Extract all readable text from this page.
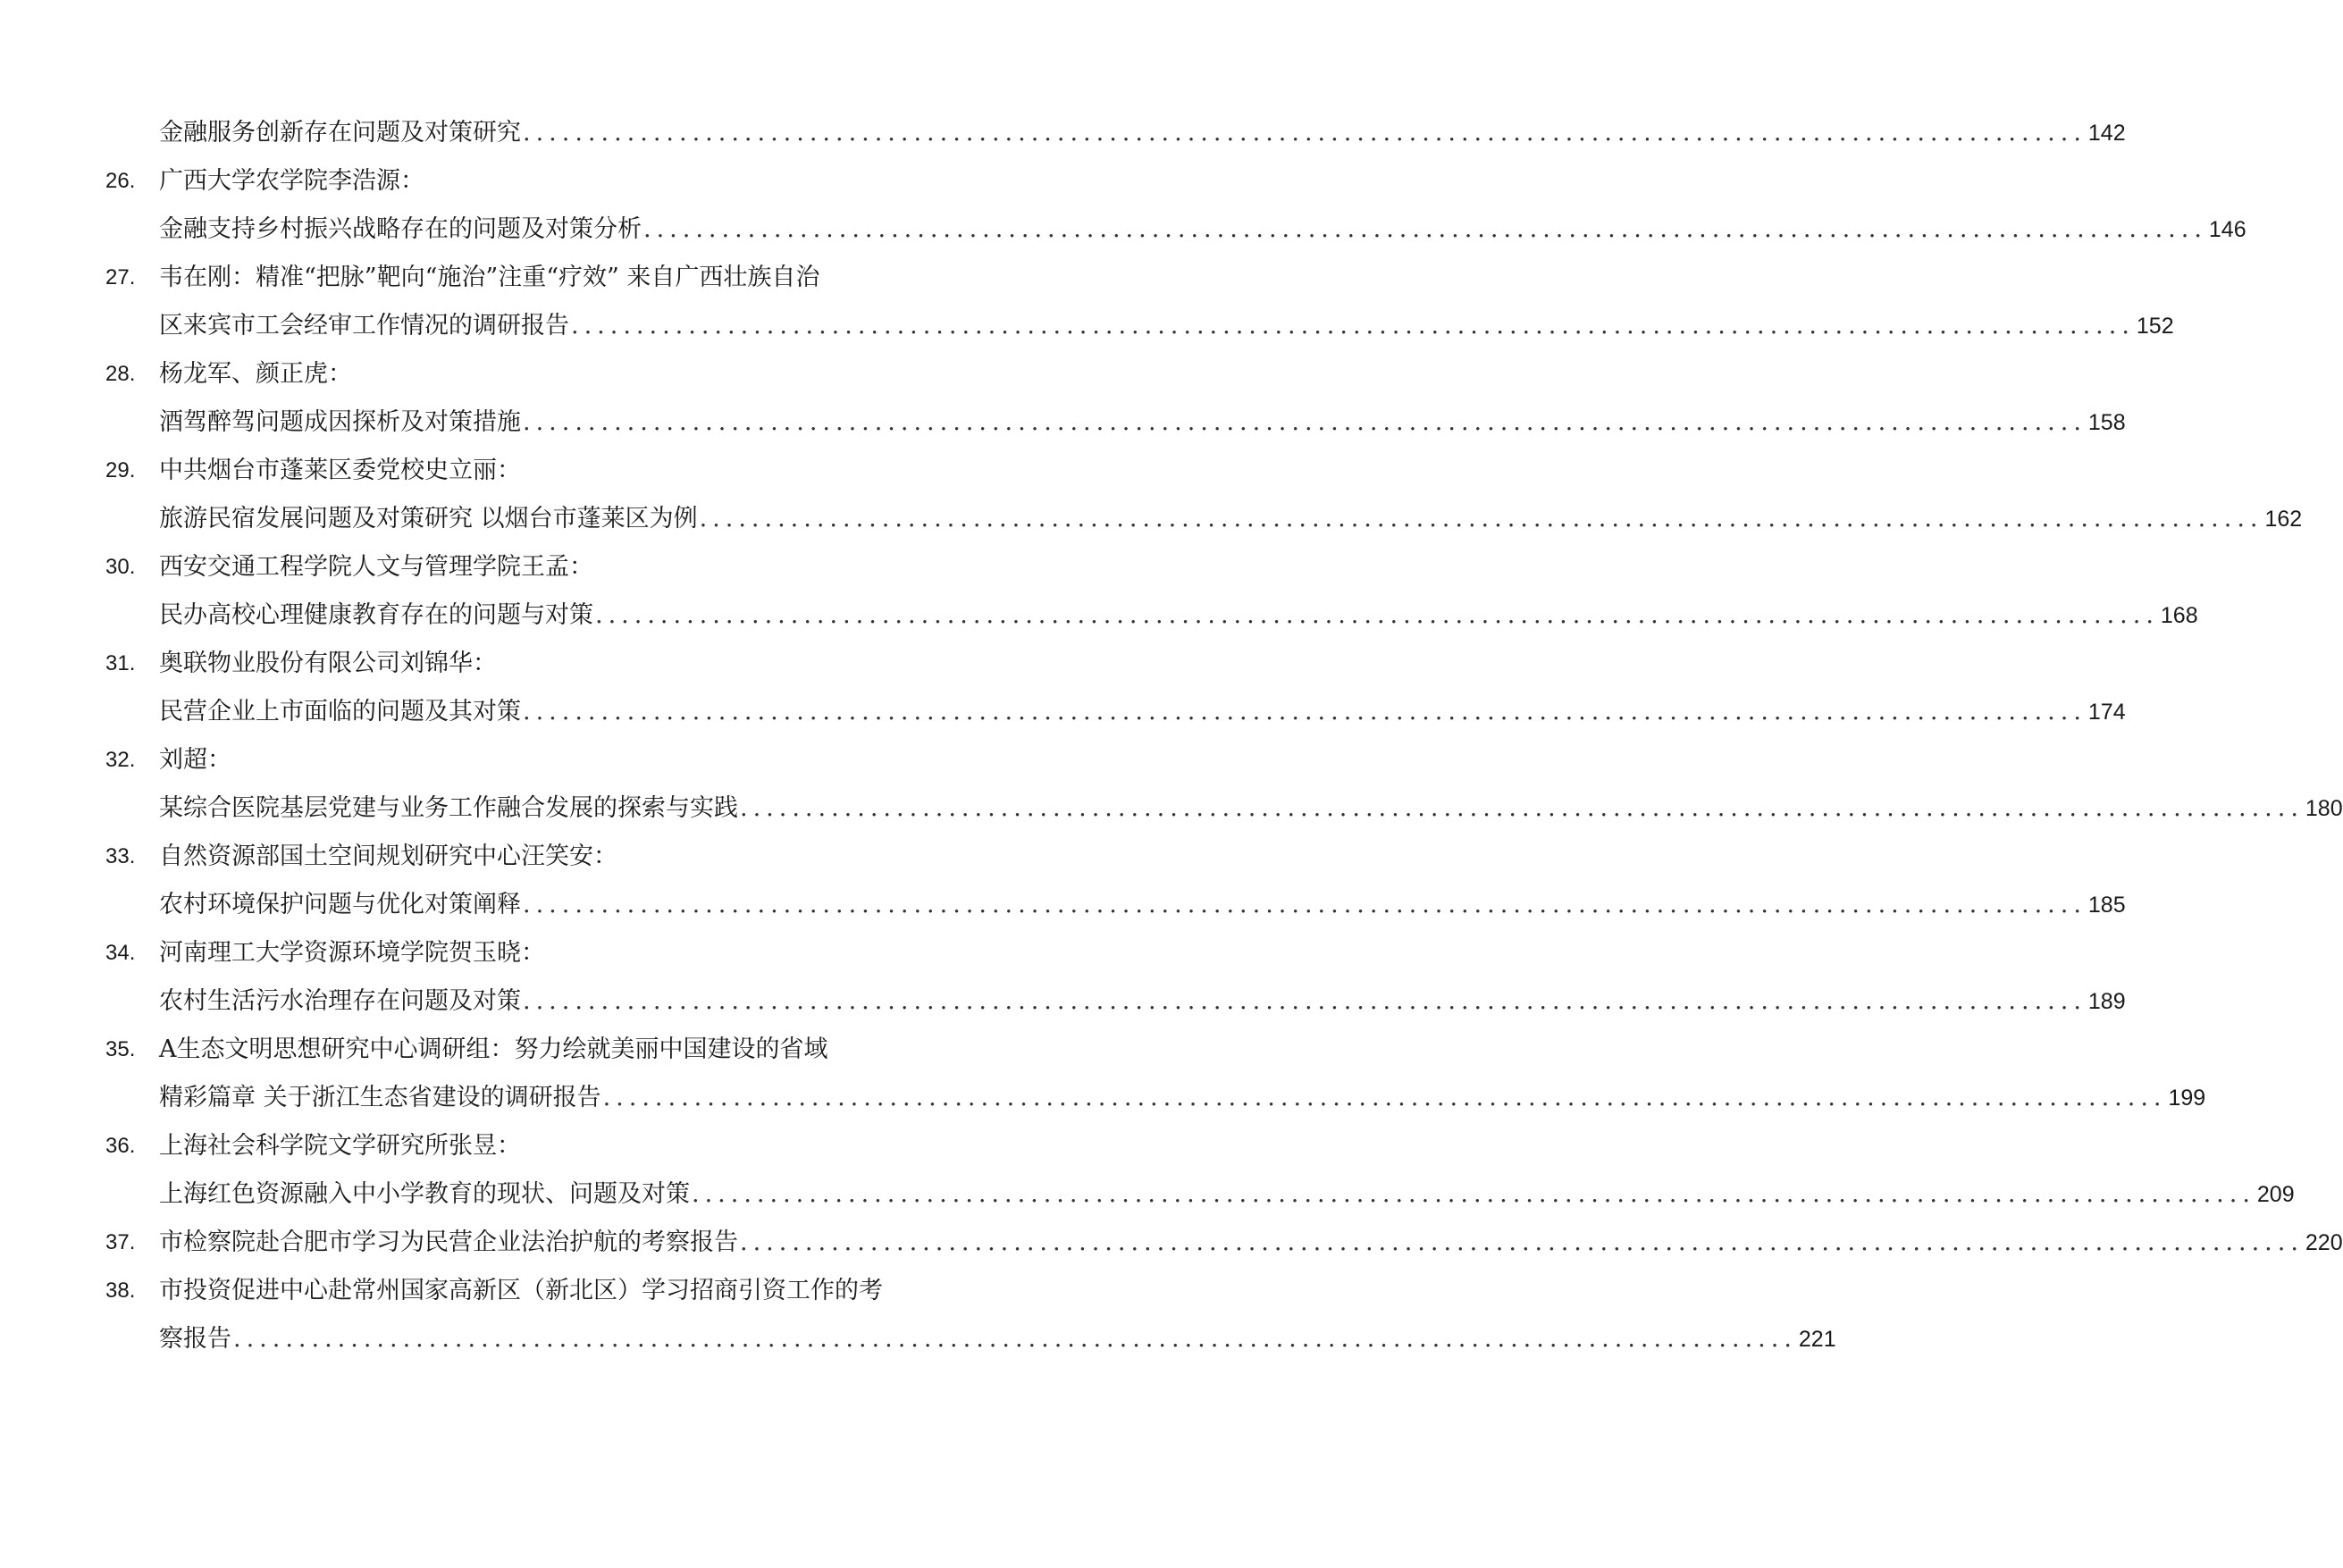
金融服务创新存在问题及对策研究 ........................................................................................................................ 142
26. 广西大学农学院李浩源：
金融支持乡村振兴战略存在的问题及对策分析 ........................................................................................................................ 146
27. 韦在刚：精准“把脉”靶向“施治”注重“疗效” 来自广西壮族自治
区来宾市工会经审工作情况的调研报告 ........................................................................................................................ 152
28. 杨龙军、颜正虎：
酒驾醉驾问题成因探析及对策措施 ........................................................................................................................ 158
29. 中共烟台市蓬莱区委党校史立丽：
旅游民宿发展问题及对策研究 以烟台市蓬莱区为例 ........................................................................................................................ 162
30. 西安交通工程学院人文与管理学院王孟：
民办高校心理健康教育存在的问题与对策 ........................................................................................................................ 168
31. 奥联物业股份有限公司刘锦华：
民营企业上市面临的问题及其对策 ........................................................................................................................ 174
32. 刘超：
某综合医院基层党建与业务工作融合发展的探索与实践 ........................................................................................................................ 180
33. 自然资源部国土空间规划研究中心汪笑安：
农村环境保护问题与优化对策阐释 ........................................................................................................................ 185
34. 河南理工大学资源环境学院贺玉晓：
农村生活污水治理存在问题及对策 ........................................................................................................................ 189
35. A生态文明思想研究中心调研组：努力绘就美丽中国建设的省域
精彩篇章 关于浙江生态省建设的调研报告 ........................................................................................................................ 199
36. 上海社会科学院文学研究所张昱：
上海红色资源融入中小学教育的现状、问题及对策 ........................................................................................................................ 209
37. 市检察院赴合肥市学习为民营企业法治护航的考察报告 ........................................................................................................................ 220
38. 市投资促进中心赴常州国家高新区（新北区）学习招商引资工作的考
察报告 ........................................................................................................................ 221
